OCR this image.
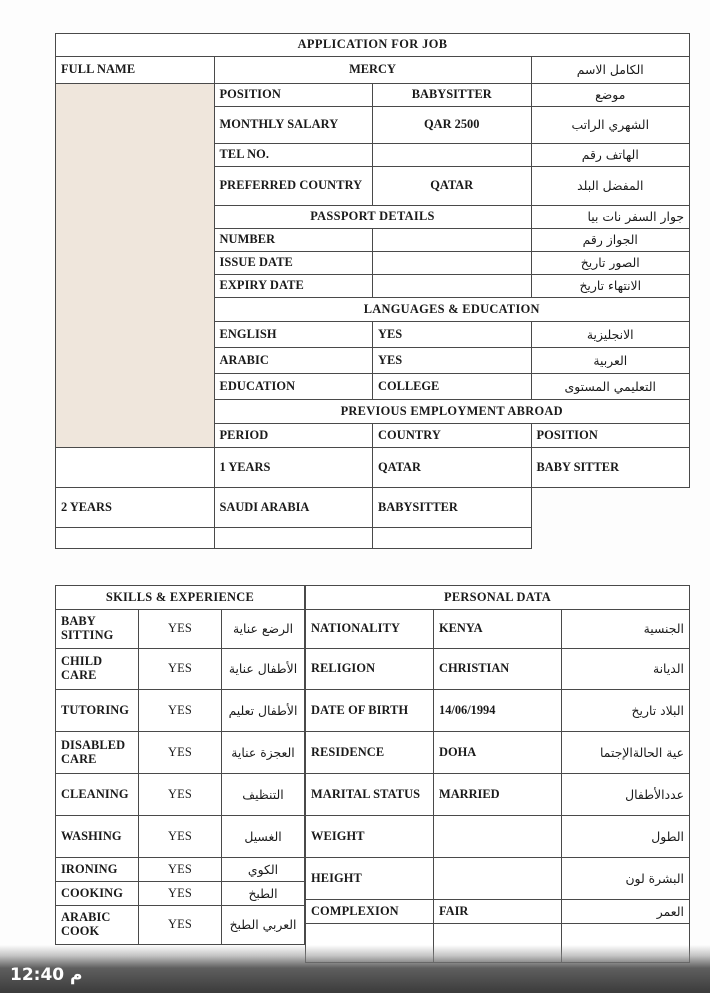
APPLICATION FOR JOB			
FULL NAME	MERCY		الكامل الاسم

	POSITION	BABYSITTER	موضع
	MONTHLY SALARY	QAR 2500	الشهري الراتب
	TEL NO.		الهاتف رقم
	PREFERRED COUNTRY	QATAR	المفضل البلد
	PASSPORT DETAILS		جوار السفر نات بيا
	NUMBER		الجواز رقم
	ISSUE DATE		الصور تاريخ
	EXPIRY DATE		الانتهاء تاريخ
	LANGUAGES & EDUCATION		
	ENGLISH	YES	الانجليزية
	ARABIC	YES	العربية
	EDUCATION	COLLEGE	التعليمي المستوى
	PREVIOUS EMPLOYMENT ABROAD		
	PERIOD	COUNTRY	POSITION
	1 YEARS	QATAR	BABY SITTER
2 YEARS	SAUDI ARABIA	BABYSITTER	

SKILLS & EXPERIENCE		
BABY SITTING	YES	الرضع عناية
CHILD CARE	YES	الأطفال عناية
TUTORING	YES	الأطفال تعليم
DISABLED CARE	YES	العجزة عناية
CLEANING	YES	التنظيف
WASHING	YES	الغسيل
IRONING	YES	الكوي
COOKING	YES	الطبخ
ARABIC COOK	YES	العربي الطبخ
PERSONAL DATA		
NATIONALITY	KENYA	الجنسية
RELIGION	CHRISTIAN	الديانة
DATE OF BIRTH	14/06/1994	البلاد تاريخ
RESIDENCE	DOHA	عية الحالةالإجتما
MARITAL STATUS	MARRIED	عددالأطفال
WEIGHT		الطول
HEIGHT		البشرة لون
COMPLEXION	FAIR	العمر

12:40 م
